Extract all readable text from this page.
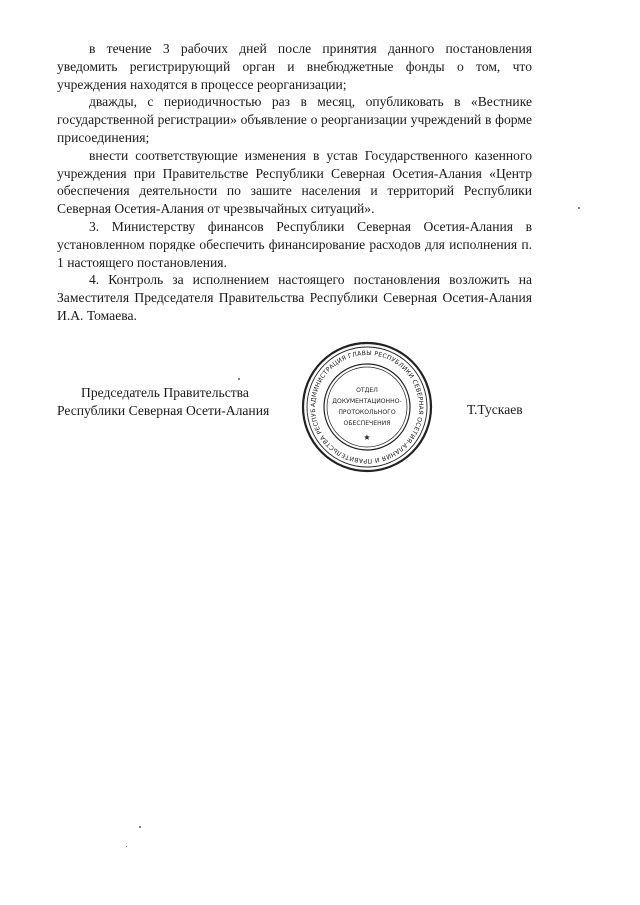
в течение 3 рабочих дней после принятия данного постановления уведомить регистрирующий орган и внебюджетные фонды о том, что учреждения находятся в процессе реорганизации;

дважды, с периодичностью раз в месяц, опубликовать в «Вестнике государственной регистрации» объявление о реорганизации учреждений в форме присоединения;

внести соответствующие изменения в устав Государственного казенного учреждения при Правительстве Республики Северная Осетия-Алания «Центр обеспечения деятельности по зашите населения и территорий Республики Северная Осетия-Алания от чрезвычайных ситуаций».

3. Министерству финансов Республики Северная Осетия-Алания в установленном порядке обеспечить финансирование расходов для исполнения п. 1 настоящего постановления.

4. Контроль за исполнением настоящего постановления возложить на Заместителя Председателя Правительства Республики Северная Осетия-Алания И.А. Томаева.

Председатель Правительства
Республики Северная Осети-Алания	АДМИНИСТРАЦИЯ ГЛАВЫ РЕСПУБЛИКИ СЕВЕРНАЯ ОСЕТИЯ-АЛАНИЯ И ПРАВИТЕЛЬСТВА РЕСПУБ
ОТДЕЛ
ДОКУМЕНТАЦИОННО-
ПРОТОКОЛЬНОГО
ОБЕСПЕЧЕНИЯ
★
Т.Тускаев
